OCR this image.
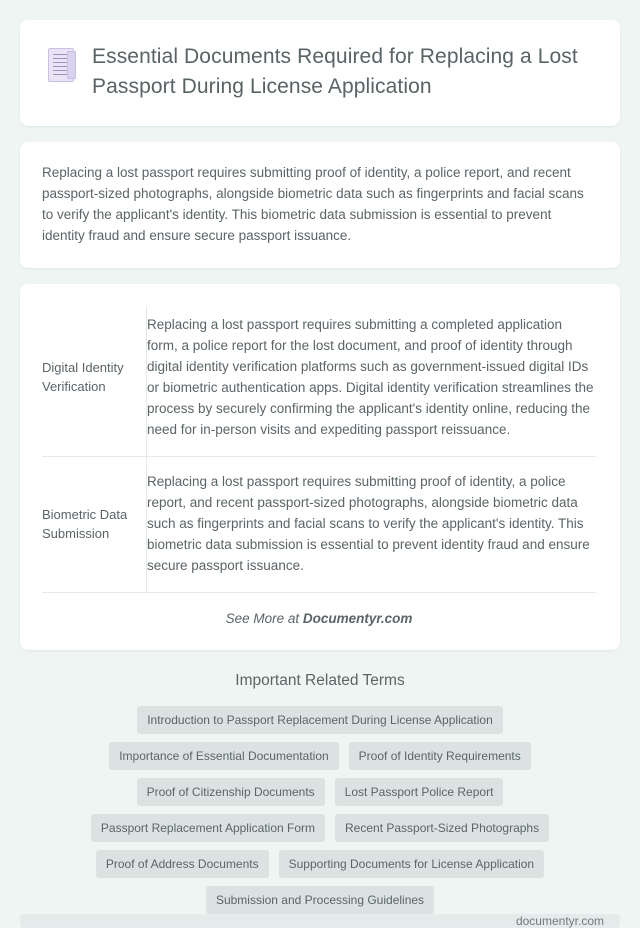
Essential Documents Required for Replacing a Lost Passport During License Application

Replacing a lost passport requires submitting proof of identity, a police report, and recent passport-sized photographs, alongside biometric data such as fingerprints and facial scans to verify the applicant's identity. This biometric data submission is essential to prevent identity fraud and ensure secure passport issuance.

Digital Identity Verification	Replacing a lost passport requires submitting a completed application form, a police report for the lost document, and proof of identity through digital identity verification platforms such as government-issued digital IDs or biometric authentication apps. Digital identity verification streamlines the process by securely confirming the applicant's identity online, reducing the need for in-person visits and expediting passport reissuance.
Biometric Data Submission	Replacing a lost passport requires submitting proof of identity, a police report, and recent passport-sized photographs, alongside biometric data such as fingerprints and facial scans to verify the applicant's identity. This biometric data submission is essential to prevent identity fraud and ensure secure passport issuance.
See More at Documentyr.com
Important Related Terms
Introduction to Passport Replacement During License Application
Importance of Essential Documentation	Proof of Identity Requirements
Proof of Citizenship Documents	Lost Passport Police Report
Passport Replacement Application Form	Recent Passport-Sized Photographs
Proof of Address Documents	Supporting Documents for License Application
Submission and Processing Guidelines
documentyr.com
